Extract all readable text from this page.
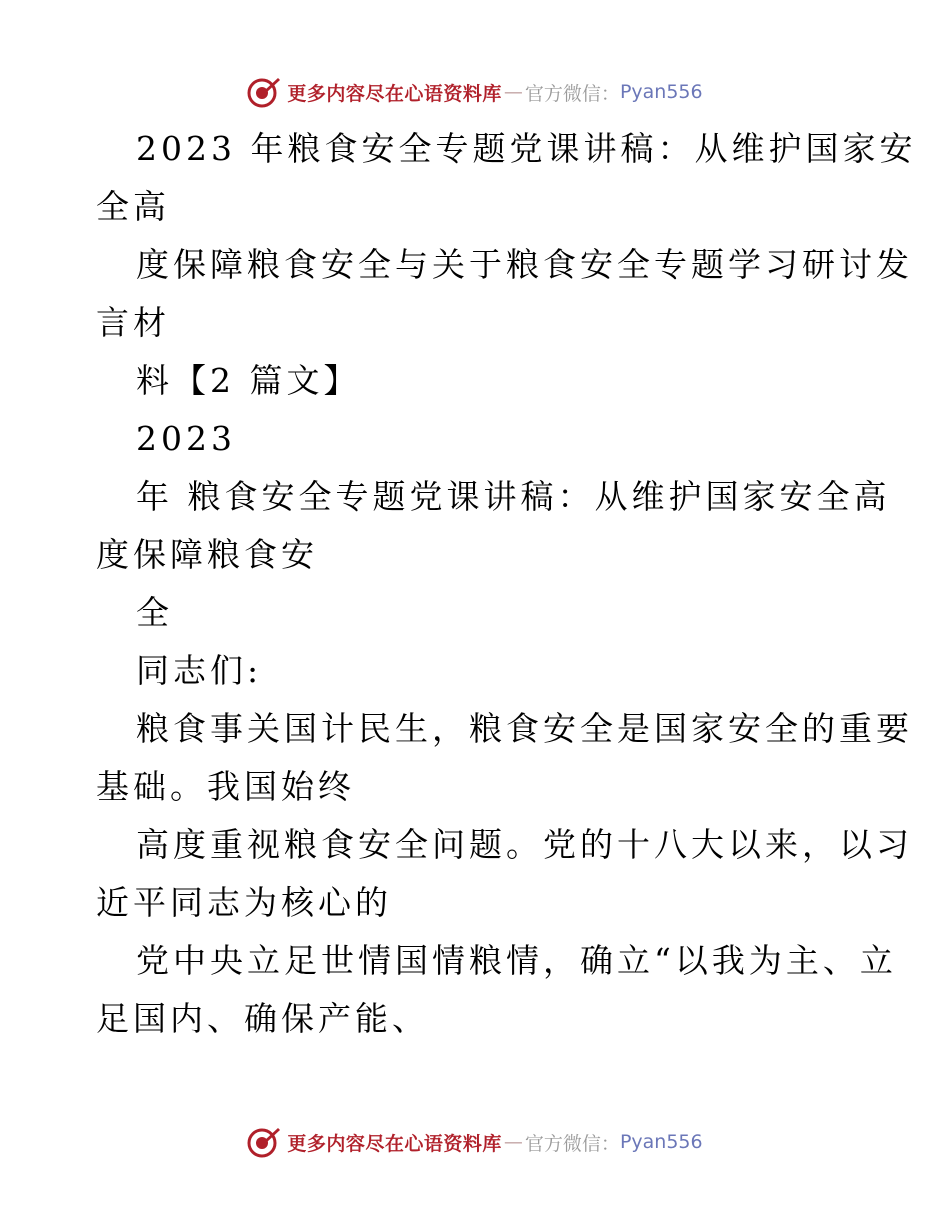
更多内容尽在心语资料库 — 官方微信： Pyan556
2023 年粮食安全专题党课讲稿：从维护国家安
全高
度保障粮食安全与关于粮食安全专题学习研讨发
言材
料【2 篇文】
2023
年 粮食安全专题党课讲稿：从维护国家安全高
度保障粮食安
全
同志们:
粮食事关国计民生，粮食安全是国家安全的重要
基础。我国始终
高度重视粮食安全问题。党的十八大以来，以习
近平同志为核心的
党中央立足世情国情粮情，确立“以我为主、立
足国内、确保产能、
更多内容尽在心语资料库 — 官方微信： Pyan556
